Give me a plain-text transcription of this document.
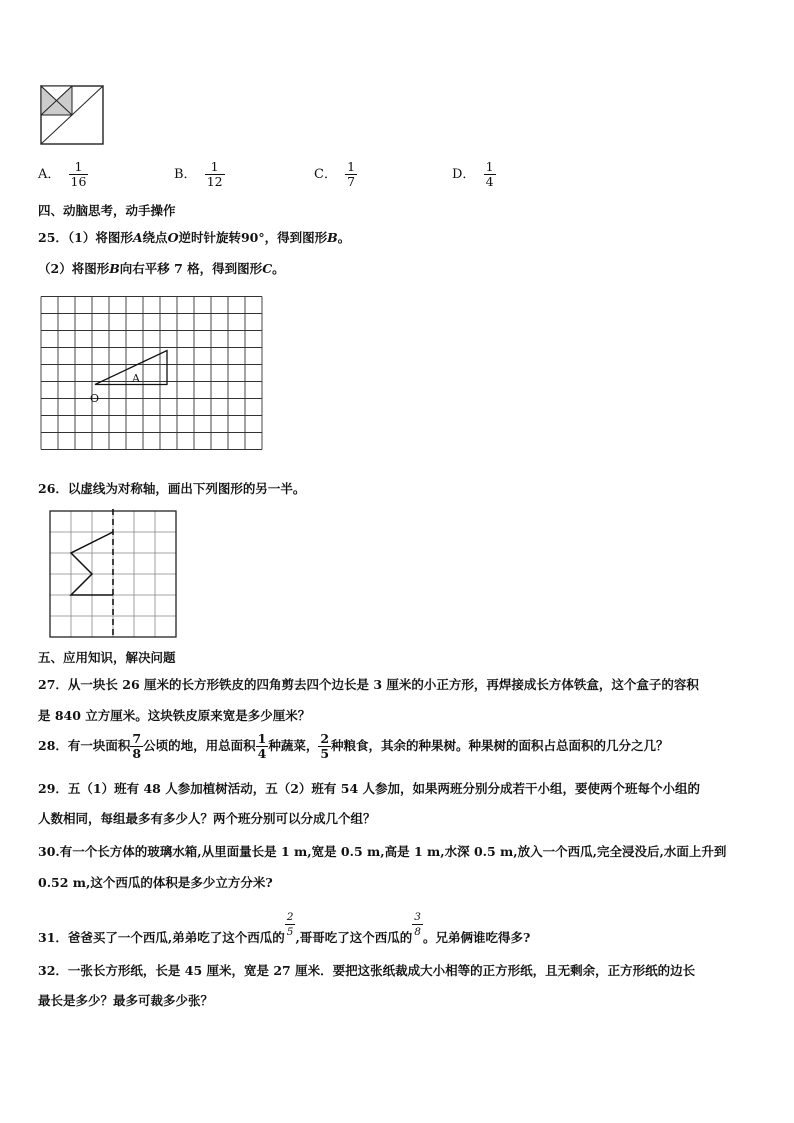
A． $\frac{1}{16}$	B． $\frac{1}{12}$	C． $\frac{1}{7}$	D． $\frac{1}{4}$
四、动脑思考，动手操作
25．（1）将图形A绕点O逆时针旋转90°，得到图形B。
（2）将图形B向右平移 7 格，得到图形C。
A
O
26．以虚线为对称轴，画出下列图形的另一半。
五、应用知识，解决问题
27．从一块长 26 厘米的长方形铁皮的四角剪去四个边长是 3 厘米的小正方形，再焊接成长方体铁盒，这个盒子的容积
是 840 立方厘米。这块铁皮原来宽是多少厘米？
28．有一块面积 $\frac{7}{8}$ 公顷的地，用总面积 $\frac{1}{4}$ 种蔬菜， $\frac{2}{5}$ 种粮食，其余的种果树。种果树的面积占总面积的几分之几？
29．五（1）班有 48 人参加植树活动，五（2）班有 54 人参加，如果两班分别分成若干小组，要使两个班每个小组的
人数相同，每组最多有多少人？两个班分别可以分成几个组？
30.有一个长方体的玻璃水箱,从里面量长是 1 m,宽是 0.5 m,高是 1 m,水深 0.5 m,放入一个西瓜,完全浸没后,水面上升到
0.52 m,这个西瓜的体积是多少立方分米?
31．爸爸买了一个西瓜,弟弟吃了这个西瓜的 $\frac{2}{5}$ ,哥哥吃了这个西瓜的 $\frac{3}{8}$ 。兄弟俩谁吃得多?
32．一张长方形纸，长是 45 厘米，宽是 27 厘米．要把这张纸裁成大小相等的正方形纸，且无剩余，正方形纸的边长
最长是多少？最多可裁多少张？
